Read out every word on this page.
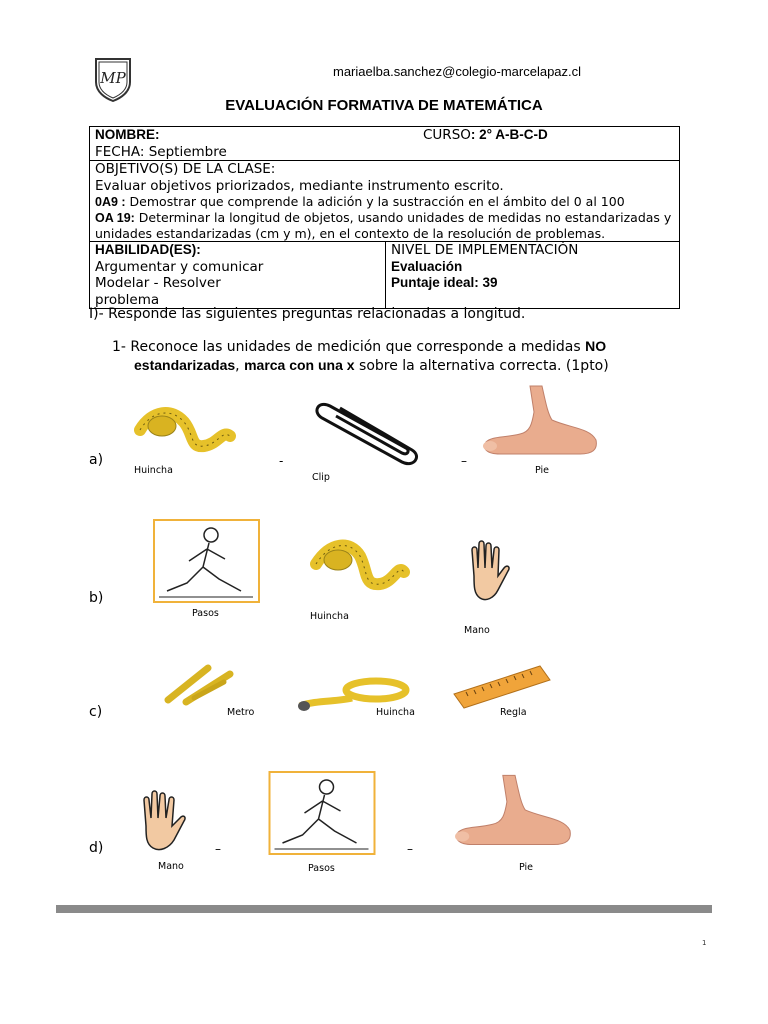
MP	mariaelba.sanchez@colegio-marcelapaz.cl
EVALUACIÓN FORMATIVA DE MATEMÁTICA
NOMBRE:	CURSO: 2° A-B-C-D
FECHA: Septiembre

OBJETIVO(S) DE LA CLASE:
Evaluar objetivos priorizados, mediante instrumento escrito.
0A9 : Demostrar que comprende la adición y la sustracción en el ámbito del 0 al 100
OA 19: Determinar la longitud de objetos, usando unidades de medidas no estandarizadas y unidades estandarizadas (cm y m), en el contexto de la resolución de problemas.

HABILIDAD(ES):
Argumentar y comunicar
Modelar - Resolver
problema

NIVEL DE IMPLEMENTACIÓN
Evaluación
Puntaje ideal: 39
I)- Responde las siguientes preguntas relacionadas a longitud.
1- Reconoce las unidades de medición que corresponde a medidas NO
estandarizadas, marca con una x sobre la alternativa correcta. (1pto)
a)
Huincha
-
Clip
–
Pie
b)
Pasos	Huincha
Mano
c)	Metro	Huincha	Regla
d)
Mano
–
Pasos
–
Pie
1
